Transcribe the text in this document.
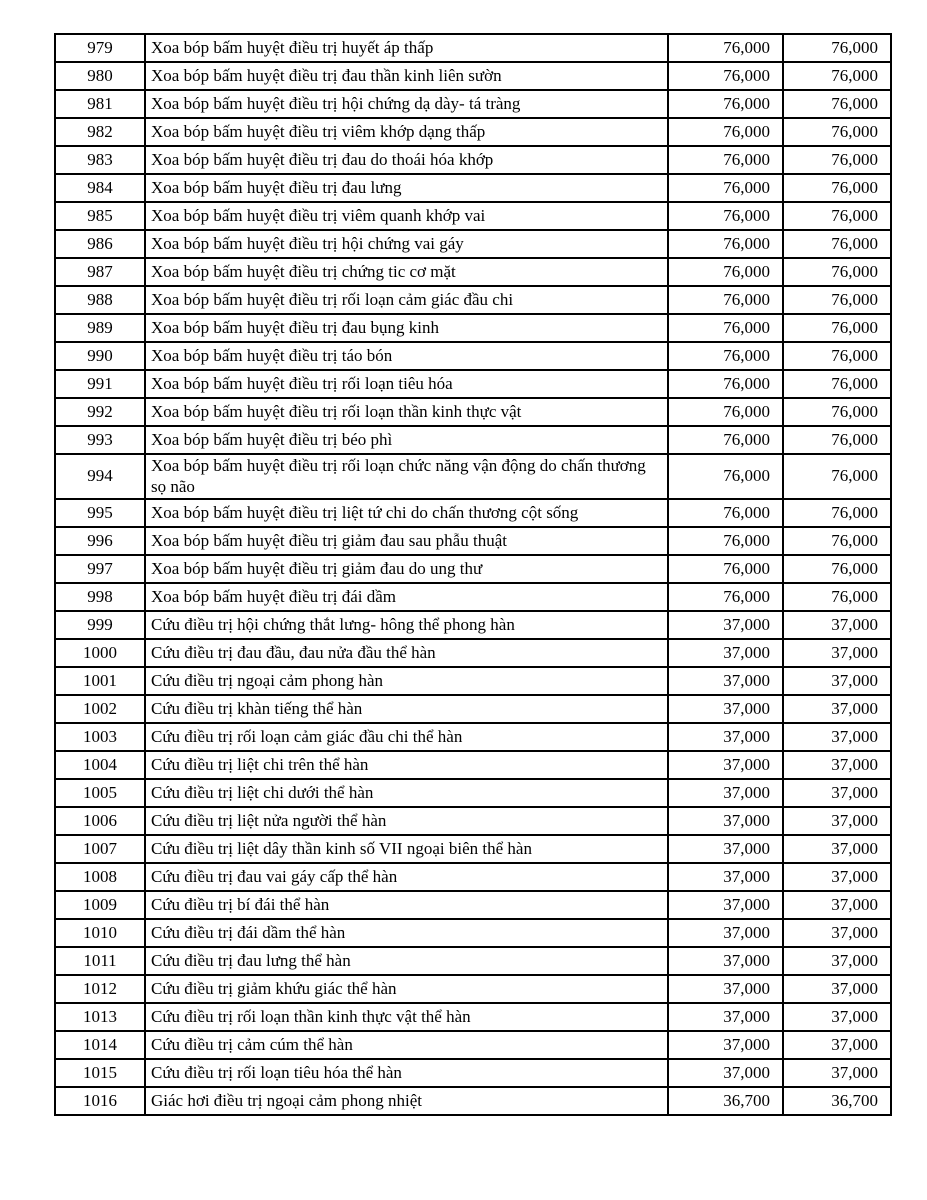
979	Xoa bóp bấm huyệt điều trị huyết áp thấp	76,000	76,000
980	Xoa bóp bấm huyệt điều trị đau thần kinh liên sườn	76,000	76,000
981	Xoa bóp bấm huyệt điều trị hội chứng dạ dày- tá tràng	76,000	76,000
982	Xoa bóp bấm huyệt điều trị viêm khớp dạng thấp	76,000	76,000
983	Xoa bóp bấm huyệt điều trị đau do thoái hóa khớp	76,000	76,000
984	Xoa bóp bấm huyệt điều trị đau lưng	76,000	76,000
985	Xoa bóp bấm huyệt điều trị viêm quanh khớp vai	76,000	76,000
986	Xoa bóp bấm huyệt điều trị hội chứng vai gáy	76,000	76,000
987	Xoa bóp bấm huyệt điều trị chứng tic cơ mặt	76,000	76,000
988	Xoa bóp bấm huyệt điều trị rối loạn cảm giác đầu chi	76,000	76,000
989	Xoa bóp bấm huyệt điều trị đau bụng kinh	76,000	76,000
990	Xoa bóp bấm huyệt điều trị táo bón	76,000	76,000
991	Xoa bóp bấm huyệt điều trị rối loạn tiêu hóa	76,000	76,000
992	Xoa bóp bấm huyệt điều trị rối loạn thần kinh thực vật	76,000	76,000
993	Xoa bóp bấm huyệt điều trị béo phì	76,000	76,000
994	Xoa bóp bấm huyệt điều trị rối loạn chức năng vận động do chấn thương sọ não	76,000	76,000
995	Xoa bóp bấm huyệt điều trị liệt tứ chi do chấn thương cột sống	76,000	76,000
996	Xoa bóp bấm huyệt điều trị giảm đau sau phẫu thuật	76,000	76,000
997	Xoa bóp bấm huyệt điều trị giảm đau do ung thư	76,000	76,000
998	Xoa bóp bấm huyệt điều trị đái dầm	76,000	76,000
999	Cứu điều trị hội chứng thắt lưng- hông thể phong hàn	37,000	37,000
1000	Cứu điều trị đau đầu, đau nửa đầu thể hàn	37,000	37,000
1001	Cứu điều trị ngoại cảm phong hàn	37,000	37,000
1002	Cứu điều trị khàn tiếng thể hàn	37,000	37,000
1003	Cứu điều trị rối loạn cảm giác đầu chi thể hàn	37,000	37,000
1004	Cứu điều trị liệt chi trên thể hàn	37,000	37,000
1005	Cứu điều trị liệt chi dưới thể hàn	37,000	37,000
1006	Cứu điều trị liệt nửa người thể hàn	37,000	37,000
1007	Cứu điều trị liệt dây thần kinh số VII ngoại biên thể hàn	37,000	37,000
1008	Cứu điều trị đau vai gáy cấp thể hàn	37,000	37,000
1009	Cứu điều trị bí đái thể hàn	37,000	37,000
1010	Cứu điều trị đái dầm thể hàn	37,000	37,000
1011	Cứu điều trị đau lưng thể hàn	37,000	37,000
1012	Cứu điều trị giảm khứu giác thể hàn	37,000	37,000
1013	Cứu điều trị rối loạn thần kinh thực vật thể hàn	37,000	37,000
1014	Cứu điều trị cảm cúm thể hàn	37,000	37,000
1015	Cứu điều trị rối loạn tiêu hóa thể hàn	37,000	37,000
1016	Giác hơi điều trị ngoại cảm phong nhiệt	36,700	36,700
